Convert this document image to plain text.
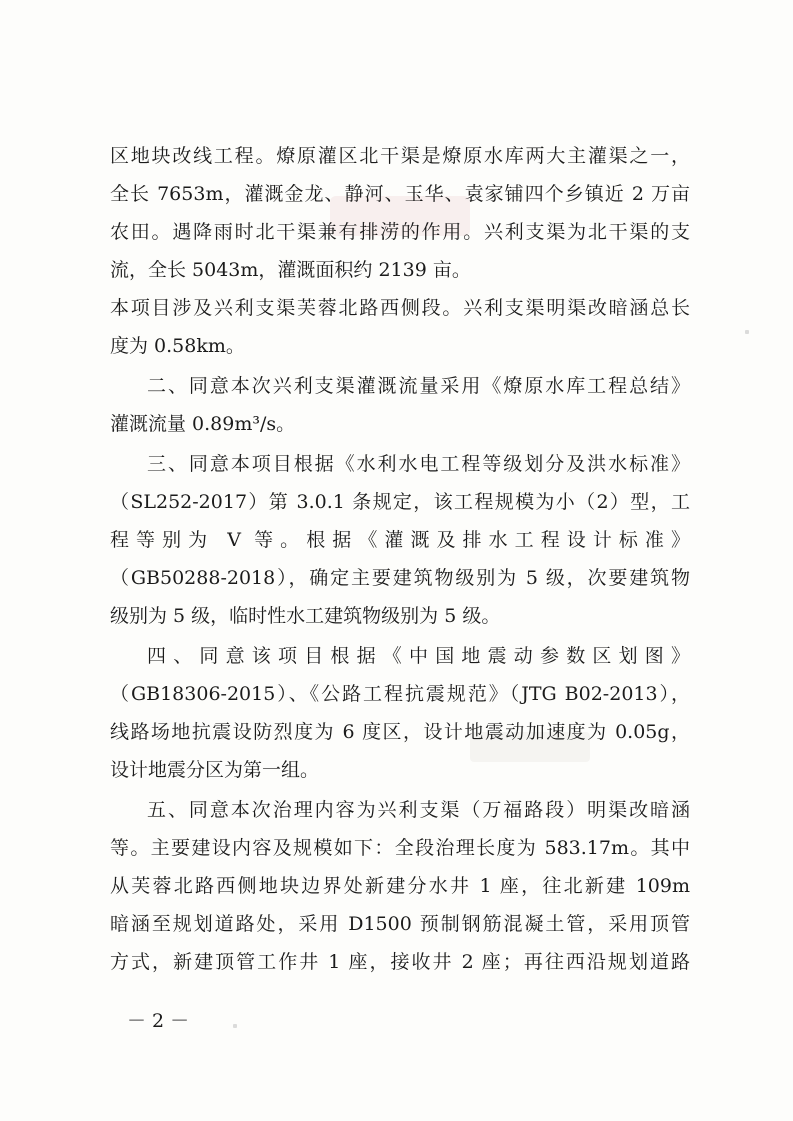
区地块改线工程。燎原灌区北干渠是燎原水库两大主灌渠之一，
全长 7653m，灌溉金龙、静河、玉华、袁家铺四个乡镇近 2 万亩
农田。遇降雨时北干渠兼有排涝的作用。兴利支渠为北干渠的支
流，全长 5043m，灌溉面积约 2139 亩。
本项目涉及兴利支渠芙蓉北路西侧段。兴利支渠明渠改暗涵总长
度为 0.58km。
二、同意本次兴利支渠灌溉流量采用《燎原水库工程总结》
灌溉流量 0.89m³/s。
三、同意本项目根据《水利水电工程等级划分及洪水标准》
（SL252-2017）第 3.0.1 条规定，该工程规模为小（2）型，工
程等别为 V 等。根据《灌溉及排水工程设计标准》
（GB50288-2018），确定主要建筑物级别为 5 级，次要建筑物
级别为 5 级，临时性水工建筑物级别为 5 级。
四、同意该项目根据《中国地震动参数区划图》
（GB18306-2015）、《公路工程抗震规范》（JTG B02-2013），
线路场地抗震设防烈度为 6 度区，设计地震动加速度为 0.05g，
设计地震分区为第一组。
五、同意本次治理内容为兴利支渠（万福路段）明渠改暗涵
等。主要建设内容及规模如下：全段治理长度为 583.17m。其中
从芙蓉北路西侧地块边界处新建分水井 1 座，往北新建 109m
暗涵至规划道路处，采用 D1500 预制钢筋混凝土管，采用顶管
方式，新建顶管工作井 1 座，接收井 2 座；再往西沿规划道路
－ 2 －
